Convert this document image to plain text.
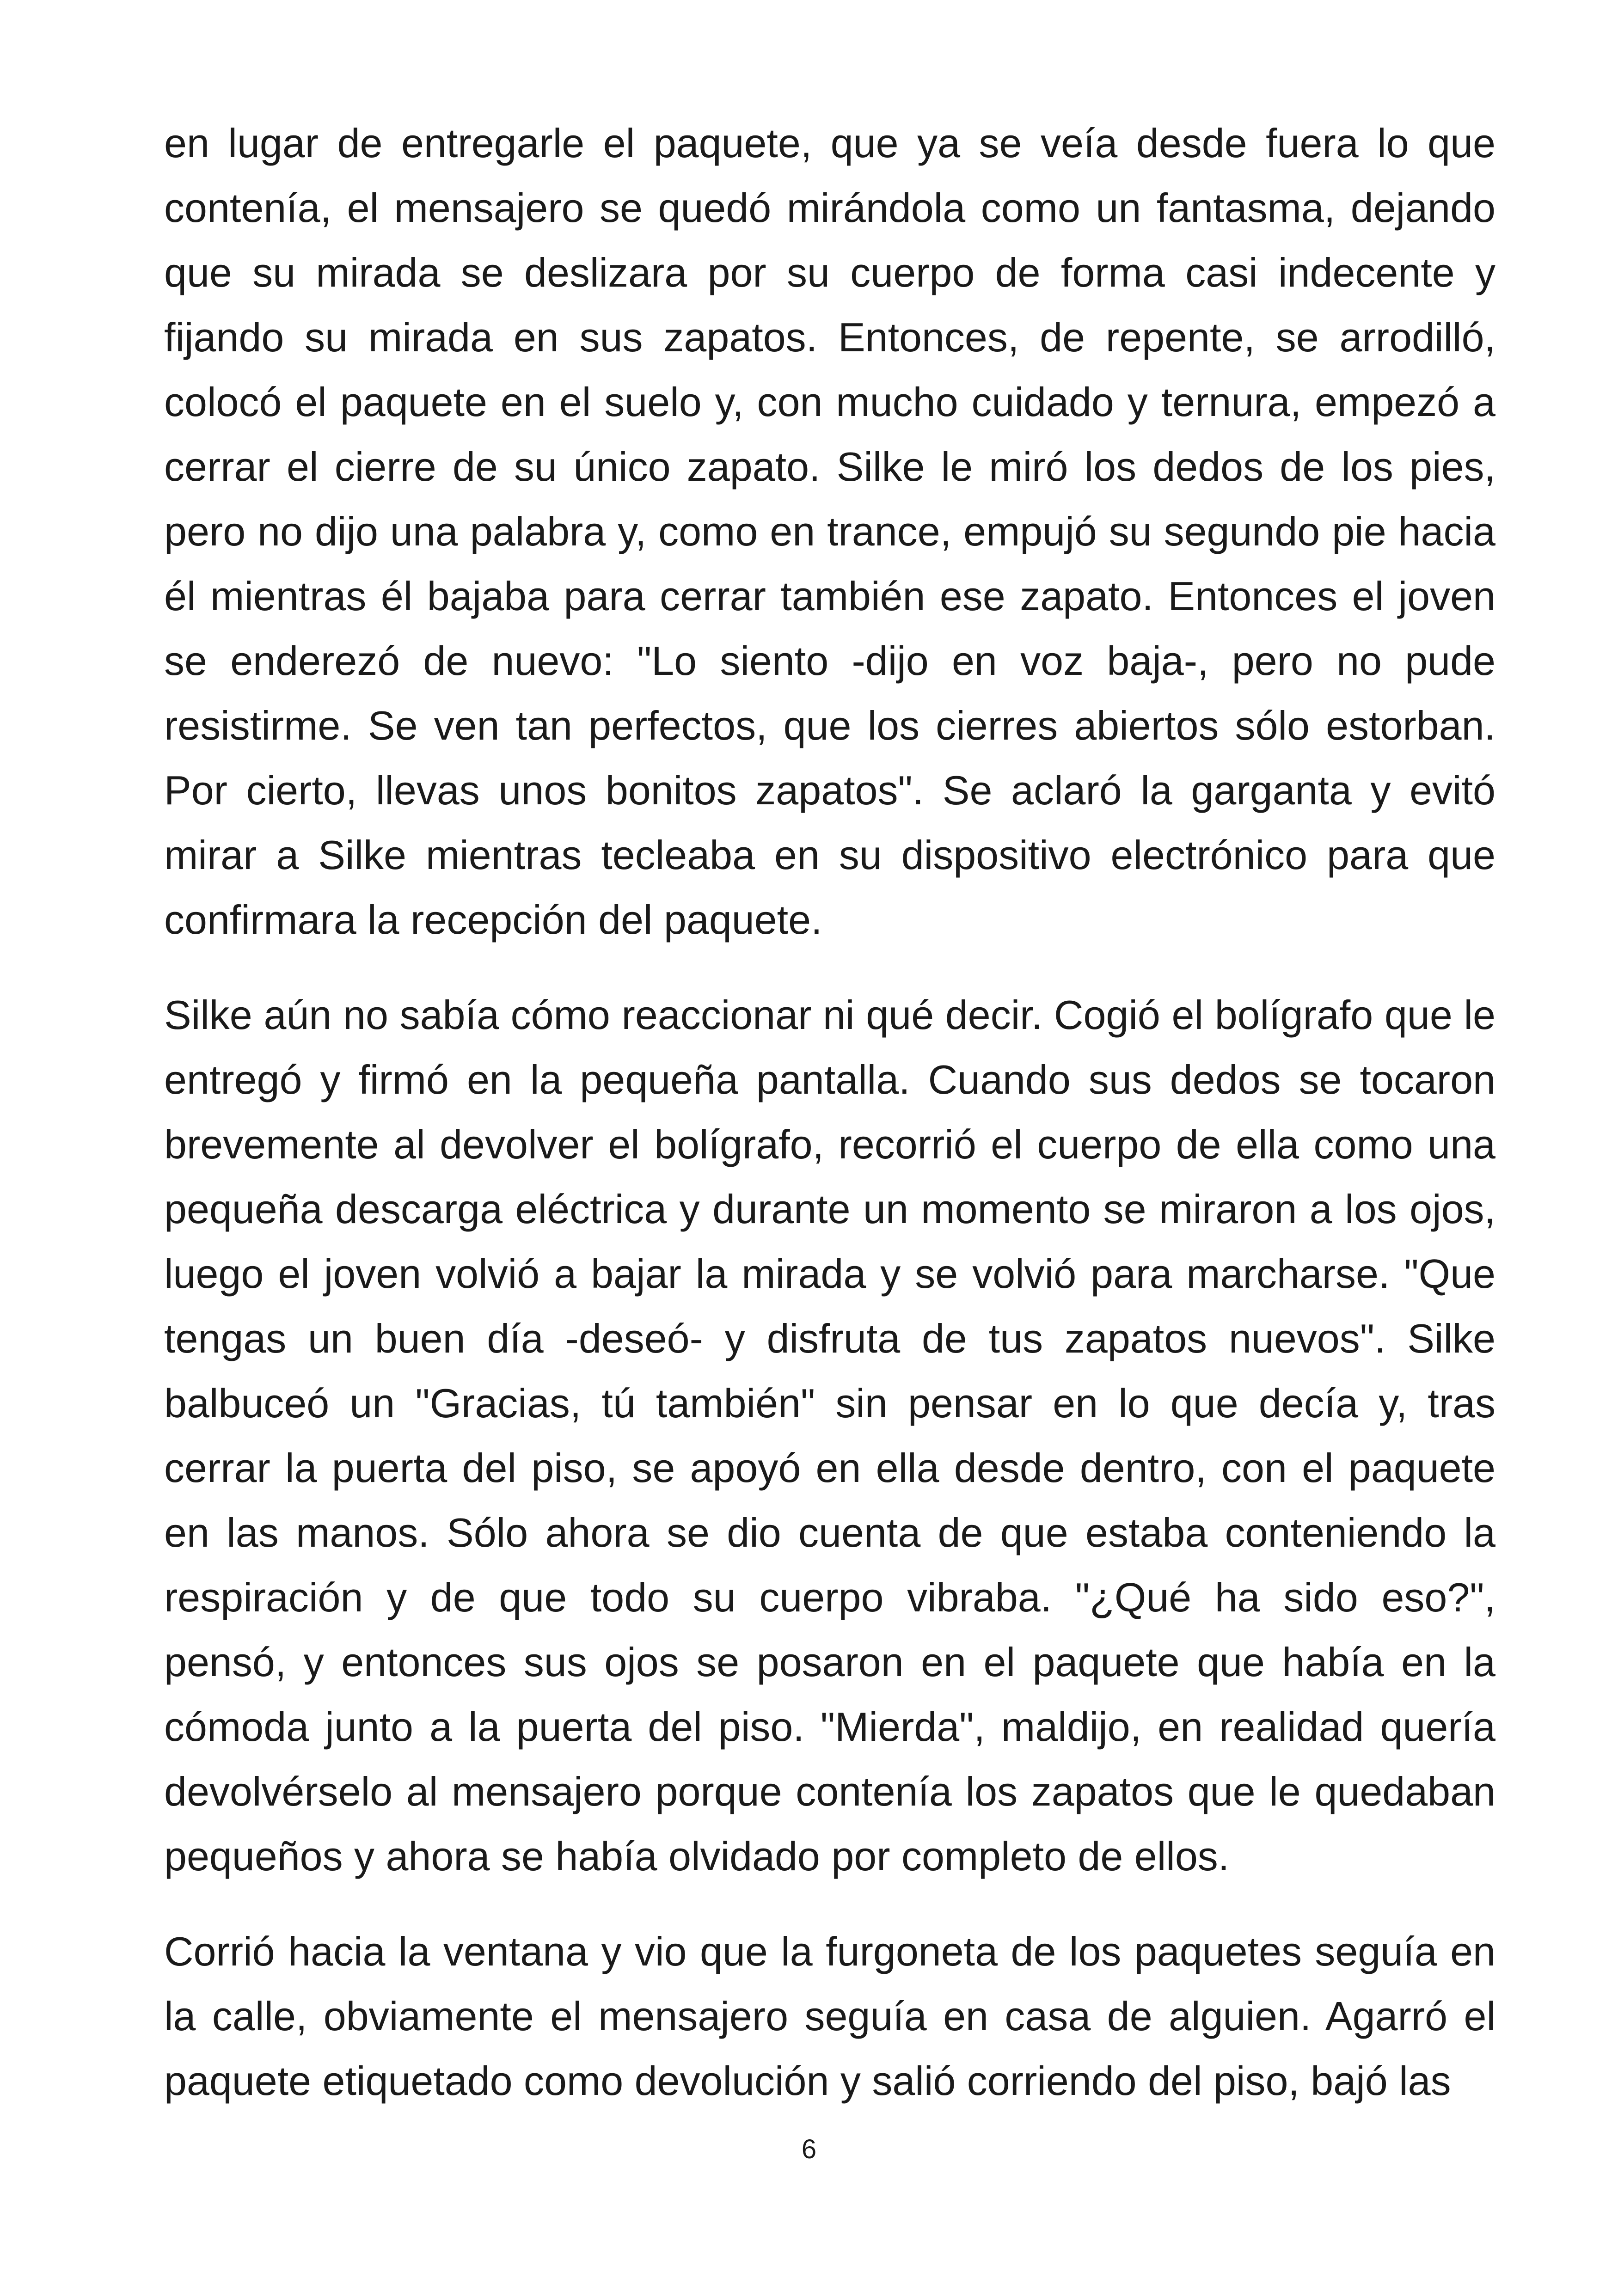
en lugar de entregarle el paquete, que ya se veía desde fuera lo que contenía, el mensajero se quedó mirándola como un fantasma, dejando que su mirada se deslizara por su cuerpo de forma casi indecente y fijando su mirada en sus zapatos. Entonces, de repente, se arrodilló, colocó el paquete en el suelo y, con mucho cuidado y ternura, empezó a cerrar el cierre de su único zapato. Silke le miró los dedos de los pies, pero no dijo una palabra y, como en trance, empujó su segundo pie hacia él mientras él bajaba para cerrar también ese zapato. Entonces el joven se enderezó de nuevo: "Lo siento -dijo en voz baja-, pero no pude resistirme. Se ven tan perfectos, que los cierres abiertos sólo estorban. Por cierto, llevas unos bonitos zapatos". Se aclaró la garganta y evitó mirar a Silke mientras tecleaba en su dispositivo electrónico para que confirmara la recepción del paquete.

Silke aún no sabía cómo reaccionar ni qué decir. Cogió el bolígrafo que le entregó y firmó en la pequeña pantalla. Cuando sus dedos se tocaron brevemente al devolver el bolígrafo, recorrió el cuerpo de ella como una pequeña descarga eléctrica y durante un momento se miraron a los ojos, luego el joven volvió a bajar la mirada y se volvió para marcharse. "Que tengas un buen día -deseó- y disfruta de tus zapatos nuevos". Silke balbuceó un "Gracias, tú también" sin pensar en lo que decía y, tras cerrar la puerta del piso, se apoyó en ella desde dentro, con el paquete en las manos. Sólo ahora se dio cuenta de que estaba conteniendo la respiración y de que todo su cuerpo vibraba. "¿Qué ha sido eso?", pensó, y entonces sus ojos se posaron en el paquete que había en la cómoda junto a la puerta del piso. "Mierda", maldijo, en realidad quería devolvérselo al mensajero porque contenía los zapatos que le quedaban pequeños y ahora se había olvidado por completo de ellos.

Corrió hacia la ventana y vio que la furgoneta de los paquetes seguía en la calle, obviamente el mensajero seguía en casa de alguien. Agarró el paquete etiquetado como devolución y salió corriendo del piso, bajó las

6
